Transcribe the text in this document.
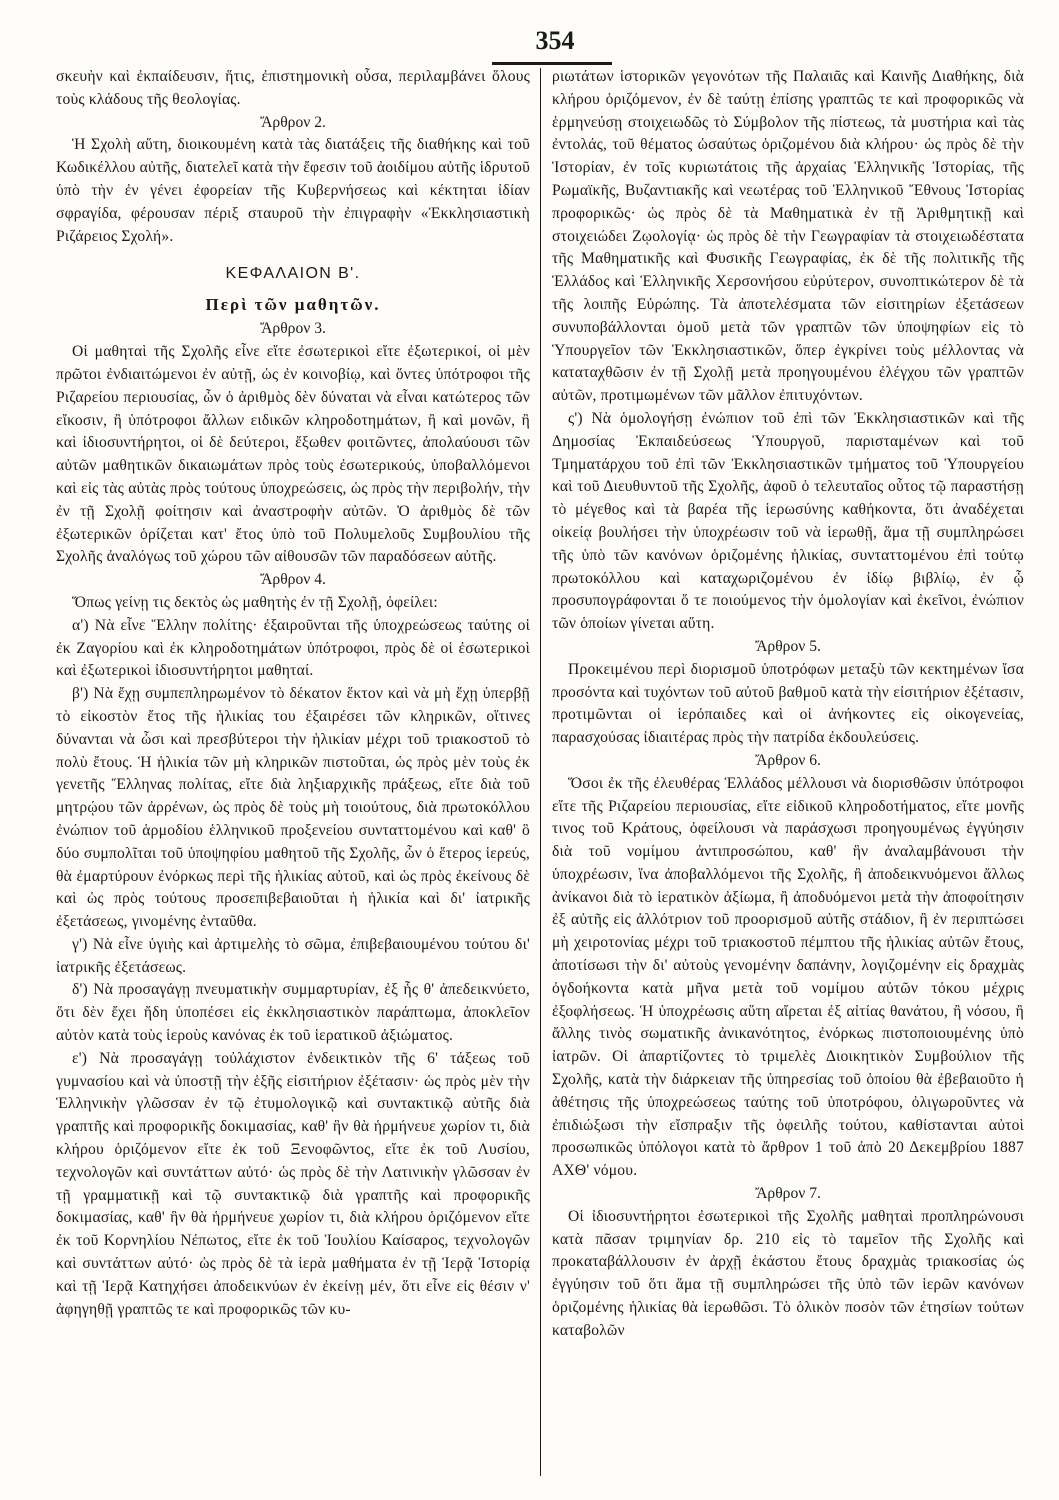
354

σκευὴν καὶ ἐκπαίδευσιν, ἥτις, ἐπιστημονικὴ οὖσα, περιλαμβάνει ὅλους τοὺς κλάδους τῆς θεολογίας.

Ἄρθρον 2.

Ἡ Σχολὴ αὕτη, διοικουμένη κατὰ τὰς διατάξεις τῆς διαθήκης καὶ τοῦ Κωδικέλλου αὐτῆς, διατελεῖ κατὰ τὴν ἔφεσιν τοῦ ἀοιδίμου αὐτῆς ἱδρυτοῦ ὑπὸ τὴν ἐν γένει ἐφορείαν τῆς Κυβερνήσεως καὶ κέκτηται ἰδίαν σφραγίδα, φέρουσαν πέριξ σταυροῦ τὴν ἐπιγραφὴν «Ἐκκλησιαστικὴ Ριζάρειος Σχολή».

ΚΕΦΑΛΑΙΟΝ Β'.
Περὶ τῶν μαθητῶν.
Ἄρθρον 3.

Οἱ μαθηταὶ τῆς Σχολῆς εἶνε εἴτε ἐσωτερικοὶ εἴτε ἐξωτερικοί, οἱ μὲν πρῶτοι ἐνδιαιτώμενοι ἐν αὐτῇ, ὡς ἐν κοινοβίῳ, καὶ ὄντες ὑπότροφοι τῆς Ριζαρείου περιουσίας, ὧν ὁ ἀριθμὸς δὲν δύναται νὰ εἶναι κατώτερος τῶν εἴκοσιν, ἢ ὑπότροφοι ἄλλων ειδικῶν κληροδοτημάτων, ἢ καὶ μονῶν, ἢ καὶ ἰδιοσυντήρητοι, οἱ δὲ δεύτεροι, ἔξωθεν φοιτῶντες, ἀπολαύουσι τῶν αὐτῶν μαθητικῶν δικαιωμάτων πρὸς τοὺς ἐσωτερικούς, ὑποβαλλόμενοι καὶ εἰς τὰς αὐτὰς πρὸς τούτους ὑποχρεώσεις, ὡς πρὸς τὴν περιβολήν, τὴν ἐν τῇ Σχολῇ φοίτησιν καὶ ἀναστροφὴν αὐτῶν. Ὁ ἀριθμὸς δὲ τῶν ἐξωτερικῶν ὁρίζεται κατ' ἔτος ὑπὸ τοῦ Πολυμελοῦς Συμβουλίου τῆς Σχολῆς ἀναλόγως τοῦ χώρου τῶν αἰθουσῶν τῶν παραδόσεων αὐτῆς.

Ἄρθρον 4.

Ὅπως γείνῃ τις δεκτὸς ὡς μαθητὴς ἐν τῇ Σχολῇ, ὀφείλει:

α') Νὰ εἶνε Ἕλλην πολίτης· ἐξαιροῦνται τῆς ὑποχρεώσεως ταύτης οἱ ἐκ Ζαγορίου καὶ ἐκ κληροδοτημάτων ὑπότροφοι, πρὸς δὲ οἱ ἐσωτερικοὶ καὶ ἐξωτερικοὶ ἰδιοσυντήρητοι μαθηταί.

β') Νὰ ἔχῃ συμπεπληρωμένον τὸ δέκατον ἕκτον καὶ νὰ μὴ ἔχῃ ὑπερβῇ τὸ εἰκοστὸν ἔτος τῆς ἡλικίας του ἐξαιρέσει τῶν κληρικῶν, οἵτινες δύνανται νὰ ὦσι καὶ πρεσβύτεροι τὴν ἡλικίαν μέχρι τοῦ τριακοστοῦ τὸ πολὺ ἔτους. Ἡ ἡλικία τῶν μὴ κληρικῶν πιστοῦται, ὡς πρὸς μὲν τοὺς ἐκ γενετῆς Ἕλληνας πολίτας, εἴτε διὰ ληξιαρχικῆς πράξεως, εἴτε διὰ τοῦ μητρῴου τῶν ἀρρένων, ὡς πρὸς δὲ τοὺς μὴ τοιούτους, διὰ πρωτοκόλλου ἐνώπιον τοῦ ἁρμοδίου ἑλληνικοῦ προξενείου συνταττομένου καὶ καθ' ὃ δύο συμπολῖται τοῦ ὑποψηφίου μαθητοῦ τῆς Σχολῆς, ὧν ὁ ἕτερος ἱερεύς, θὰ ἐμαρτύρουν ἐνόρκως περὶ τῆς ἡλικίας αὐτοῦ, καὶ ὡς πρὸς ἐκείνους δὲ καὶ ὡς πρὸς τούτους προσεπιβεβαιοῦται ἡ ἡλικία καὶ δι' ἰατρικῆς ἐξετάσεως, γινομένης ἐνταῦθα.

γ') Νὰ εἶνε ὑγιὴς καὶ ἀρτιμελὴς τὸ σῶμα, ἐπιβεβαιουμένου τούτου δι' ἰατρικῆς ἐξετάσεως.

δ') Νὰ προσαγάγῃ πνευματικὴν συμμαρτυρίαν, ἐξ ἧς θ' ἀπεδεικνύετο, ὅτι δὲν ἔχει ἤδη ὑποπέσει εἰς ἐκκλησιαστικὸν παράπτωμα, ἀποκλεῖον αὐτὸν κατὰ τοὺς ἱεροὺς κανόνας ἐκ τοῦ ἱερατικοῦ ἀξιώματος.

ε') Νὰ προσαγάγῃ τοὐλάχιστον ἐνδεικτικὸν τῆς 6' τάξεως τοῦ γυμνασίου καὶ νὰ ὑποστῇ τὴν ἑξῆς εἰσιτήριον ἐξέτασιν· ὡς πρὸς μὲν τὴν Ἑλληνικὴν γλῶσσαν ἐν τῷ ἐτυμολογικῷ καὶ συντακτικῷ αὐτῆς διὰ γραπτῆς καὶ προφορικῆς δοκιμασίας, καθ' ἣν θὰ ἡρμήνευε χωρίον τι, διὰ κλήρου ὁριζόμενον εἴτε ἐκ τοῦ Ξενοφῶντος, εἴτε ἐκ τοῦ Λυσίου, τεχνολογῶν καὶ συντάττων αὐτό· ὡς πρὸς δὲ τὴν Λατινικὴν γλῶσσαν ἐν τῇ γραμματικῇ καὶ τῷ συντακτικῷ διὰ γραπτῆς καὶ προφορικῆς δοκιμασίας, καθ' ἣν θὰ ἡρμήνευε χωρίον τι, διὰ κλήρου ὁριζόμενον εἴτε ἐκ τοῦ Κορνηλίου Νέπωτος, εἴτε ἐκ τοῦ Ἰουλίου Καίσαρος, τεχνολογῶν καὶ συντάττων αὐτό· ὡς πρὸς δὲ τὰ ἱερὰ μαθήματα ἐν τῇ Ἱερᾷ Ἱστορίᾳ καὶ τῇ Ἱερᾷ Κατηχήσει ἀποδεικνύων ἐν ἐκείνῃ μέν, ὅτι εἶνε εἰς θέσιν ν' ἀφηγηθῇ γραπτῶς τε καὶ προφορικῶς τῶν κυ-

ριωτάτων ἱστορικῶν γεγονότων τῆς Παλαιᾶς καὶ Καινῆς Διαθήκης, διὰ κλήρου ὁριζόμενον, ἐν δὲ ταύτῃ ἐπίσης γραπτῶς τε καὶ προφορικῶς νὰ ἑρμηνεύσῃ στοιχειωδῶς τὸ Σύμβολον τῆς πίστεως, τὰ μυστήρια καὶ τὰς ἐντολάς, τοῦ θέματος ὡσαύτως ὁριζομένου διὰ κλήρου· ὡς πρὸς δὲ τὴν Ἱστορίαν, ἐν τοῖς κυριωτάτοις τῆς ἀρχαίας Ἑλληνικῆς Ἱστορίας, τῆς Ρωμαϊκῆς, Βυζαντιακῆς καὶ νεωτέρας τοῦ Ἑλληνικοῦ Ἔθνους Ἱστορίας προφορικῶς· ὡς πρὸς δὲ τὰ Μαθηματικὰ ἐν τῇ Ἀριθμητικῇ καὶ στοιχειώδει Ζῳολογίᾳ· ὡς πρὸς δὲ τὴν Γεωγραφίαν τὰ στοιχειωδέστατα τῆς Μαθηματικῆς καὶ Φυσικῆς Γεωγραφίας, ἐκ δὲ τῆς πολιτικῆς τῆς Ἑλλάδος καὶ Ἑλληνικῆς Χερσονήσου εὐρύτερον, συνοπτικώτερον δὲ τὰ τῆς λοιπῆς Εὐρώπης. Τὰ ἀποτελέσματα τῶν εἰσιτηρίων ἐξετάσεων συνυποβάλλονται ὁμοῦ μετὰ τῶν γραπτῶν τῶν ὑποψηφίων εἰς τὸ Ὑπουργεῖον τῶν Ἐκκλησιαστικῶν, ὅπερ ἐγκρίνει τοὺς μέλλοντας νὰ καταταχθῶσιν ἐν τῇ Σχολῇ μετὰ προηγουμένου ἐλέγχου τῶν γραπτῶν αὐτῶν, προτιμωμένων τῶν μᾶλλον ἐπιτυχόντων.

ς') Νὰ ὁμολογήσῃ ἐνώπιον τοῦ ἐπὶ τῶν Ἐκκλησιαστικῶν καὶ τῆς Δημοσίας Ἐκπαιδεύσεως Ὑπουργοῦ, παρισταμένων καὶ τοῦ Τμηματάρχου τοῦ ἐπὶ τῶν Ἐκκλησιαστικῶν τμήματος τοῦ Ὑπουργείου καὶ τοῦ Διευθυντοῦ τῆς Σχολῆς, ἀφοῦ ὁ τελευταῖος οὗτος τῷ παραστήσῃ τὸ μέγεθος καὶ τὰ βαρέα τῆς ἱερωσύνης καθήκοντα, ὅτι ἀναδέχεται οἰκείᾳ βουλήσει τὴν ὑποχρέωσιν τοῦ νὰ ἱερωθῇ, ἅμα τῇ συμπληρώσει τῆς ὑπὸ τῶν κανόνων ὁριζομένης ἡλικίας, συνταττομένου ἐπὶ τούτῳ πρωτοκόλλου καὶ καταχωριζομένου ἐν ἰδίῳ βιβλίῳ, ἐν ᾧ προσυπογράφονται ὅ τε ποιούμενος τὴν ὁμολογίαν καὶ ἐκεῖνοι, ἐνώπιον τῶν ὁποίων γίνεται αὕτη.

Ἄρθρον 5.

Προκειμένου περὶ διορισμοῦ ὑποτρόφων μεταξὺ τῶν κεκτημένων ἴσα προσόντα καὶ τυχόντων τοῦ αὐτοῦ βαθμοῦ κατὰ τὴν εἰσιτήριον ἐξέτασιν, προτιμῶνται οἱ ἱερόπαιδες καὶ οἱ ἀνήκοντες εἰς οἰκογενείας, παρασχούσας ἰδιαιτέρας πρὸς τὴν πατρίδα ἐκδουλεύσεις.

Ἄρθρον 6.

Ὅσοι ἐκ τῆς ἐλευθέρας Ἑλλάδος μέλλουσι νὰ διορισθῶσιν ὑπότροφοι εἴτε τῆς Ριζαρείου περιουσίας, εἴτε εἰδικοῦ κληροδοτήματος, εἴτε μονῆς τινος τοῦ Κράτους, ὀφείλουσι νὰ παράσχωσι προηγουμένως ἐγγύησιν διὰ τοῦ νομίμου ἀντιπροσώπου, καθ' ἣν ἀναλαμβάνουσι τὴν ὑποχρέωσιν, ἵνα ἀποβαλλόμενοι τῆς Σχολῆς, ἢ ἀποδεικνυόμενοι ἄλλως ἀνίκανοι διὰ τὸ ἱερατικὸν ἀξίωμα, ἢ ἀποδυόμενοι μετὰ τὴν ἀποφοίτησιν ἐξ αὐτῆς εἰς ἀλλότριον τοῦ προορισμοῦ αὐτῆς στάδιον, ἢ ἐν περιπτώσει μὴ χειροτονίας μέχρι τοῦ τριακοστοῦ πέμπτου τῆς ἡλικίας αὐτῶν ἔτους, ἀποτίσωσι τὴν δι' αὐτοὺς γενομένην δαπάνην, λογιζομένην εἰς δραχμὰς ὀγδοήκοντα κατὰ μῆνα μετὰ τοῦ νομίμου αὐτῶν τόκου μέχρις ἐξοφλήσεως. Ἡ ὑποχρέωσις αὕτη αἴρεται ἐξ αἰτίας θανάτου, ἢ νόσου, ἢ ἄλλης τινὸς σωματικῆς ἀνικανότητος, ἐνόρκως πιστοποιουμένης ὑπὸ ἰατρῶν. Οἱ ἀπαρτίζοντες τὸ τριμελὲς Διοικητικὸν Συμβούλιον τῆς Σχολῆς, κατὰ τὴν διάρκειαν τῆς ὑπηρεσίας τοῦ ὁποίου θὰ ἐβεβαιοῦτο ἡ ἀθέτησις τῆς ὑποχρεώσεως ταύτης τοῦ ὑποτρόφου, ὀλιγωροῦντες νὰ ἐπιδιώξωσι τὴν εἴσπραξιν τῆς ὀφειλῆς τούτου, καθίστανται αὐτοὶ προσωπικῶς ὑπόλογοι κατὰ τὸ ἄρθρον 1 τοῦ ἀπὸ 20 Δεκεμβρίου 1887 ΑΧΘ' νόμου.

Ἄρθρον 7.

Οἱ ἰδιοσυντήρητοι ἐσωτερικοὶ τῆς Σχολῆς μαθηταὶ προπληρώνουσι κατὰ πᾶσαν τριμηνίαν δρ. 210 εἰς τὸ ταμεῖον τῆς Σχολῆς καὶ προκαταβάλλουσιν ἐν ἀρχῇ ἑκάστου ἔτους δραχμὰς τριακοσίας ὡς ἐγγύησιν τοῦ ὅτι ἅμα τῇ συμπληρώσει τῆς ὑπὸ τῶν ἱερῶν κανόνων ὁριζομένης ἡλικίας θὰ ἱερωθῶσι. Τὸ ὁλικὸν ποσὸν τῶν ἐτησίων τούτων καταβολῶν
